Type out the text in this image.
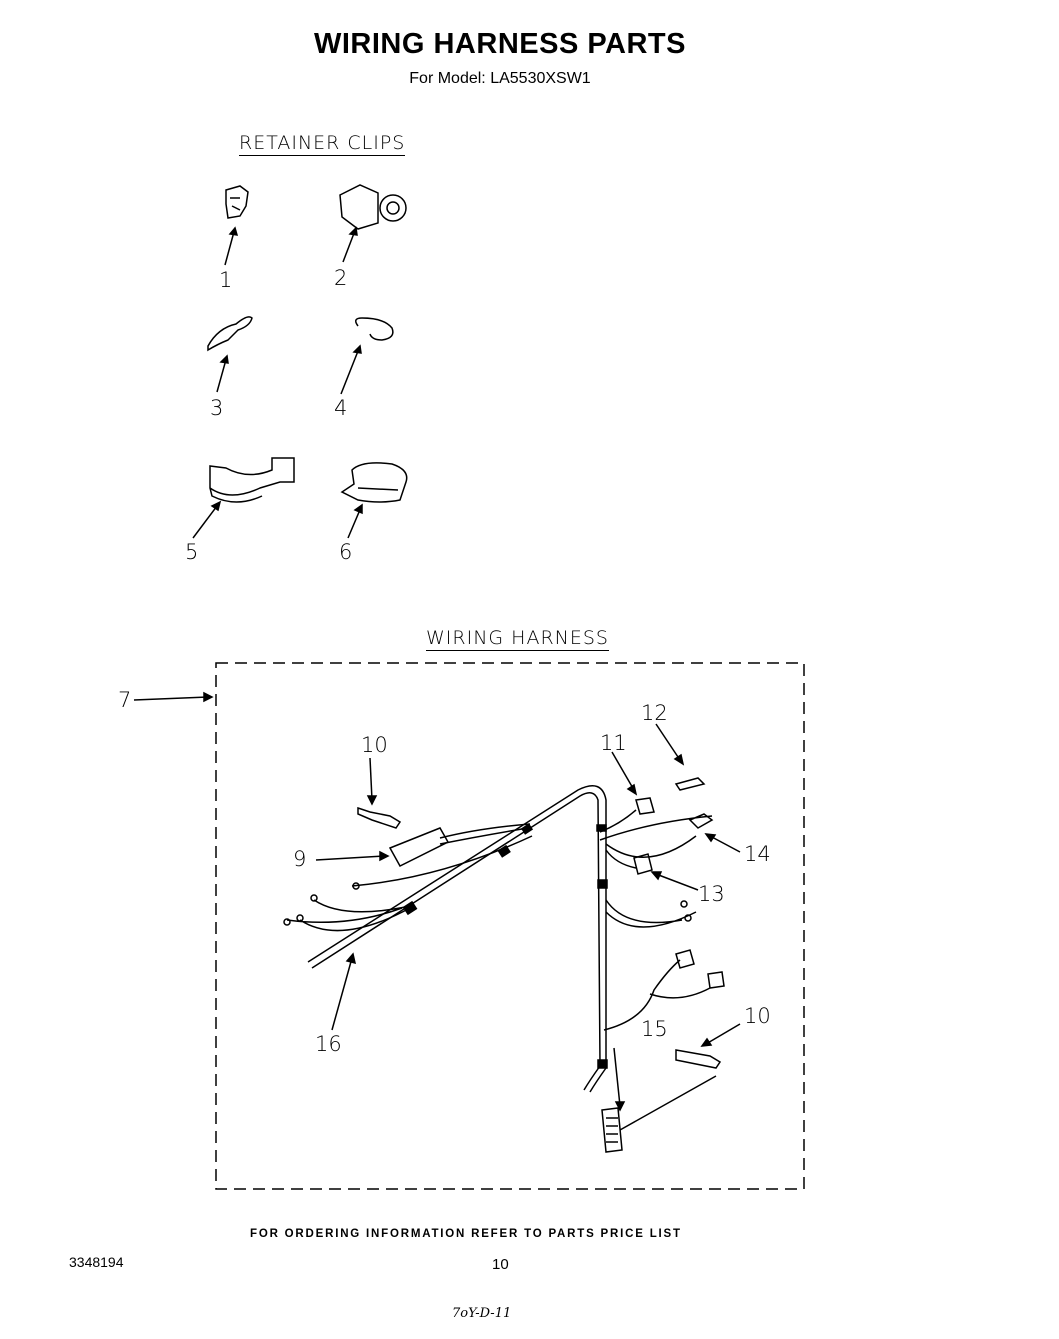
WIRING HARNESS PARTS
For Model: LA5530XSW1
RETAINER CLIPS
WIRING HARNESS
1	2
3	4
5	6
7
9
10
10
11
12
13
14
15
16
FOR ORDERING INFORMATION REFER TO PARTS PRICE LIST
3348194	10
7oY-D-11
